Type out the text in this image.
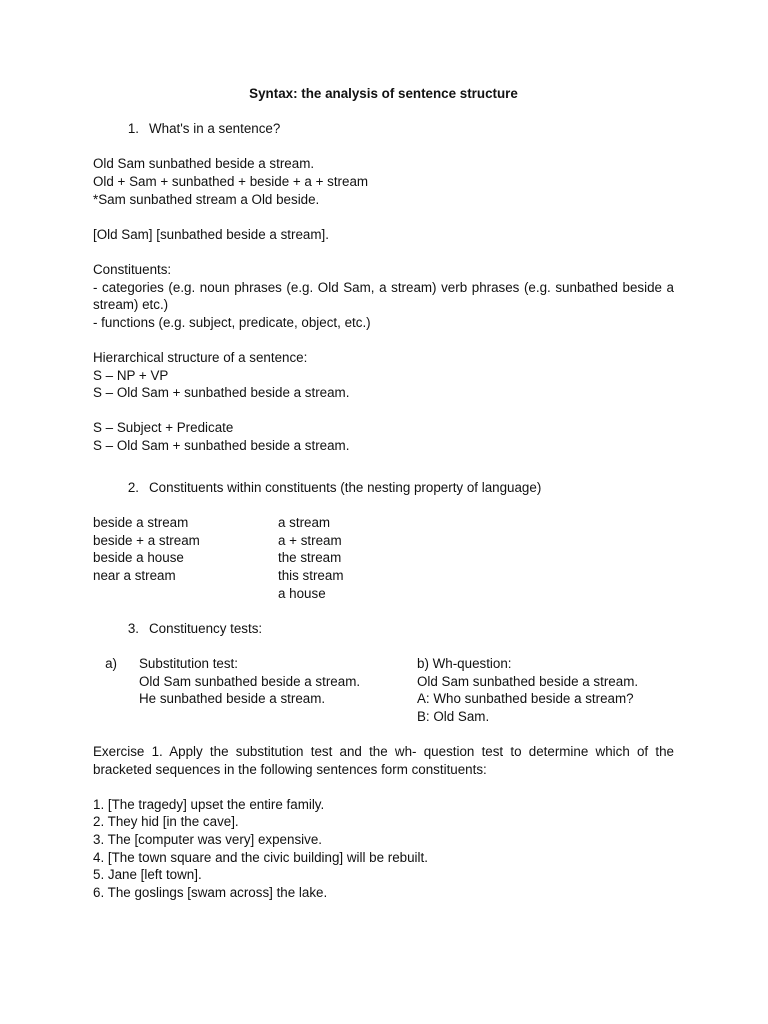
Syntax: the analysis of sentence structure

1. What's in a sentence?

Old Sam sunbathed beside a stream.

Old + Sam + sunbathed + beside + a + stream

*Sam sunbathed stream a Old beside.

[Old Sam] [sunbathed beside a stream].

Constituents:

- categories (e.g. noun phrases (e.g. Old Sam, a stream) verb phrases (e.g. sunbathed beside a stream) etc.)

- functions (e.g. subject, predicate, object, etc.)

Hierarchical structure of a sentence:

S – NP + VP

S – Old Sam + sunbathed beside a stream.

S – Subject + Predicate

S – Old Sam + sunbathed beside a stream.

2. Constituents within constituents (the nesting property of language)

beside a stream

beside + a stream

beside a house

near a stream

a stream

a + stream

the stream

this stream

a house

3. Constituency tests:
a)	Substitution test:

Old Sam sunbathed beside a stream.

He sunbathed beside a stream.

b) Wh-question:

Old Sam sunbathed beside a stream.

A: Who sunbathed beside a stream?

B: Old Sam.

Exercise 1. Apply the substitution test and the wh- question test to determine which of the bracketed sequences in the following sentences form constituents:

1. [The tragedy] upset the entire family.

2. They hid [in the cave].

3. The [computer was very] expensive.

4. [The town square and the civic building] will be rebuilt.

5. Jane [left town].

6. The goslings [swam across] the lake.
